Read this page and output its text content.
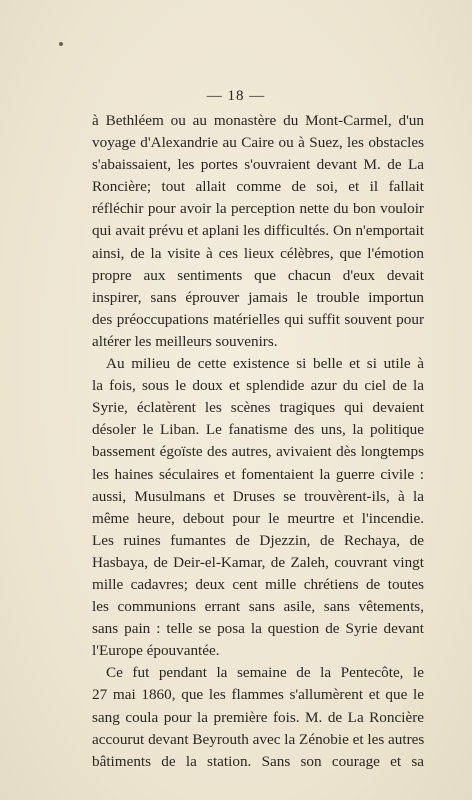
— 18 —
à Bethléem ou au monastère du Mont-Carmel, d'un
voyage d'Alexandrie au Caire ou à Suez, les obstacles
s'abaissaient, les portes s'ouvraient devant M. de La
Roncière; tout allait comme de soi, et il fallait
réfléchir pour avoir la perception nette du bon vouloir
qui avait prévu et aplani les difficultés. On n'emportait
ainsi, de la visite à ces lieux célèbres, que l'émotion
propre aux sentiments que chacun d'eux devait
inspirer, sans éprouver jamais le trouble importun
des préoccupations matérielles qui suffit souvent pour
altérer les meilleurs souvenirs.
Au milieu de cette existence si belle et si utile à
la fois, sous le doux et splendide azur du ciel de la
Syrie, éclatèrent les scènes tragiques qui devaient
désoler le Liban. Le fanatisme des uns, la politique
bassement égoïste des autres, avivaient dès longtemps
les haines séculaires et fomentaient la guerre civile :
aussi, Musulmans et Druses se trouvèrent-ils, à la
même heure, debout pour le meurtre et l'incendie.
Les ruines fumantes de Djezzin, de Rechaya, de
Hasbaya, de Deir-el-Kamar, de Zaleh, couvrant vingt
mille cadavres; deux cent mille chrétiens de toutes
les communions errant sans asile, sans vêtements,
sans pain : telle se posa la question de Syrie devant
l'Europe épouvantée.
Ce fut pendant la semaine de la Pentecôte, le
27 mai 1860, que les flammes s'allumèrent et que le
sang coula pour la première fois. M. de La Roncière
accourut devant Beyrouth avec la Zénobie et les autres
bâtiments de la station. Sans son courage et sa
